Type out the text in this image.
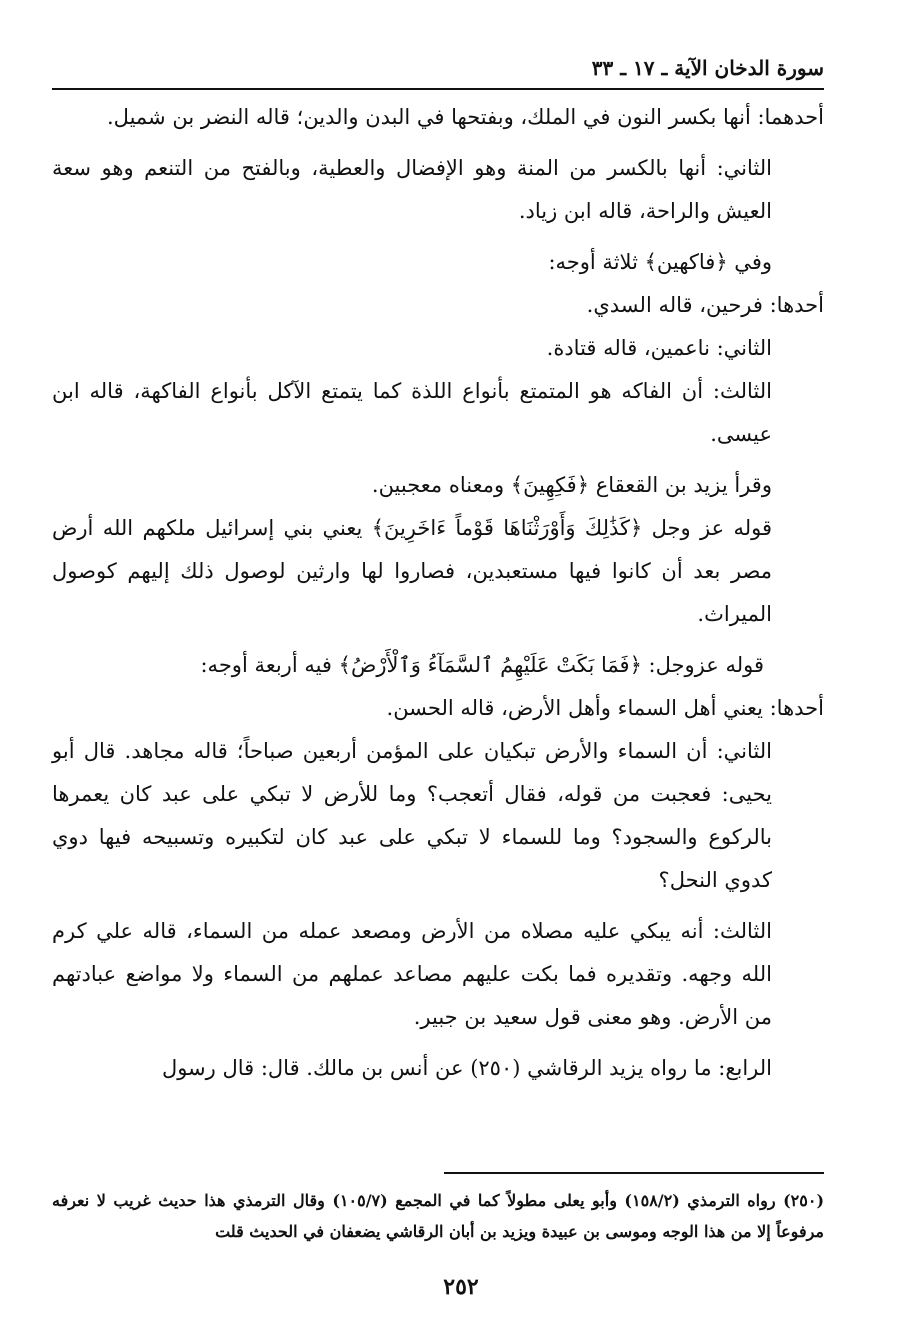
سورة الدخان الآية ـ ١٧ ـ ٣٣

أحدهما: أنها بكسر النون في الملك، وبفتحها في البدن والدين؛ قاله النضر بن شميل.

الثاني: أنها بالكسر من المنة وهو الإفضال والعطية، وبالفتح من التنعم وهو سعة العيش والراحة، قاله ابن زياد.

وفي ﴿فاكهين﴾ ثلاثة أوجه:

أحدها: فرحين، قاله السدي.

الثاني: ناعمين، قاله قتادة.

الثالث: أن الفاكه هو المتمتع بأنواع اللذة كما يتمتع الآكل بأنواع الفاكهة، قاله ابن عيسى.

وقرأ يزيد بن القعقاع ﴿فَكِهِينَ﴾ ومعناه معجبين.

قوله عز وجل ﴿كَذَٰلِكَ وَأَوْرَثْنَاهَا قَوْماً ءَاخَرِينَ﴾ يعني بني إسرائيل ملكهم الله أرض مصر بعد أن كانوا فيها مستعبدين، فصاروا لها وارثين لوصول ذلك إليهم كوصول الميراث.

قوله عزوجل: ﴿فَمَا بَكَتْ عَلَيْهِمُ ٱلسَّمَآءُ وَٱلْأَرْضُ﴾ فيه أربعة أوجه:

أحدها: يعني أهل السماء وأهل الأرض، قاله الحسن.

الثاني: أن السماء والأرض تبكيان على المؤمن أربعين صباحاً؛ قاله مجاهد. قال أبو يحيى: فعجبت من قوله، فقال أتعجب؟ وما للأرض لا تبكي على عبد كان يعمرها بالركوع والسجود؟ وما للسماء لا تبكي على عبد كان لتكبيره وتسبيحه فيها دوي كدوي النحل؟

الثالث: أنه يبكي عليه مصلاه من الأرض ومصعد عمله من السماء، قاله علي كرم الله وجهه. وتقديره فما بكت عليهم مصاعد عملهم من السماء ولا مواضع عبادتهم من الأرض. وهو معنى قول سعيد بن جبير.

الرابع: ما رواه يزيد الرقاشي (٢٥٠) عن أنس بن مالك. قال: قال رسول

(٢٥٠) رواه الترمذي (١٥٨/٢) وأبو يعلى مطولاً كما في المجمع (١٠٥/٧) وقال الترمذي هذا حديث غريب لا نعرفه مرفوعاً إلا من هذا الوجه وموسى بن عبيدة ويزيد بن أبان الرقاشي يضعفان في الحديث قلت

٢٥٢
